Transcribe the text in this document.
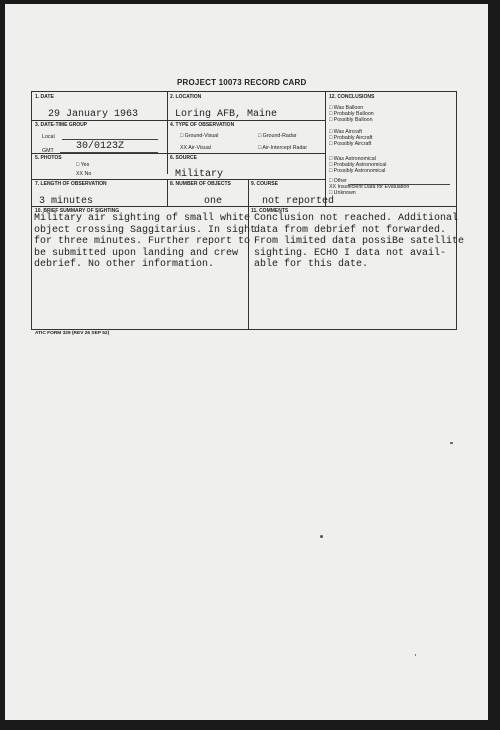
PROJECT 10073 RECORD CARD
1. DATE
29 January 1963
2. LOCATION
Loring AFB, Maine
12. CONCLUSIONS
□ Was Balloon
□ Probably Balloon
□ Possibly Balloon
□ Was Aircraft
□ Probably Aircraft
□ Possibly Aircraft
□ Was Astronomical
□ Probably Astronomical
□ Possibly Astronomical
□ Other
XX Insufficient Data for Evaluation
□ Unknown
3. DATE-TIME GROUP
Local
GMT 30/0123Z
4. TYPE OF OBSERVATION
□ Ground-Visual	□ Ground-Radar
XX Air-Visual	□ Air-Intercept Radar
5. PHOTOS
□ Yes
XX No
6. SOURCE
Military
7. LENGTH OF OBSERVATION
3 minutes
8. NUMBER OF OBJECTS
one
9. COURSE
not reported
10. BRIEF SUMMARY OF SIGHTING
Military air sighting of small white
object crossing Saggitarius. In sight
for three minutes. Further report to
be submitted upon landing and crew
debrief. No other information.
11. COMMENTS
Conclusion not reached. Additional
data from debrief not forwarded.
From limited data possiBe satellite
sighting. ECHO I data not avail-
able for this date.
ATIC FORM 329 (REV 26 SEP 52)
